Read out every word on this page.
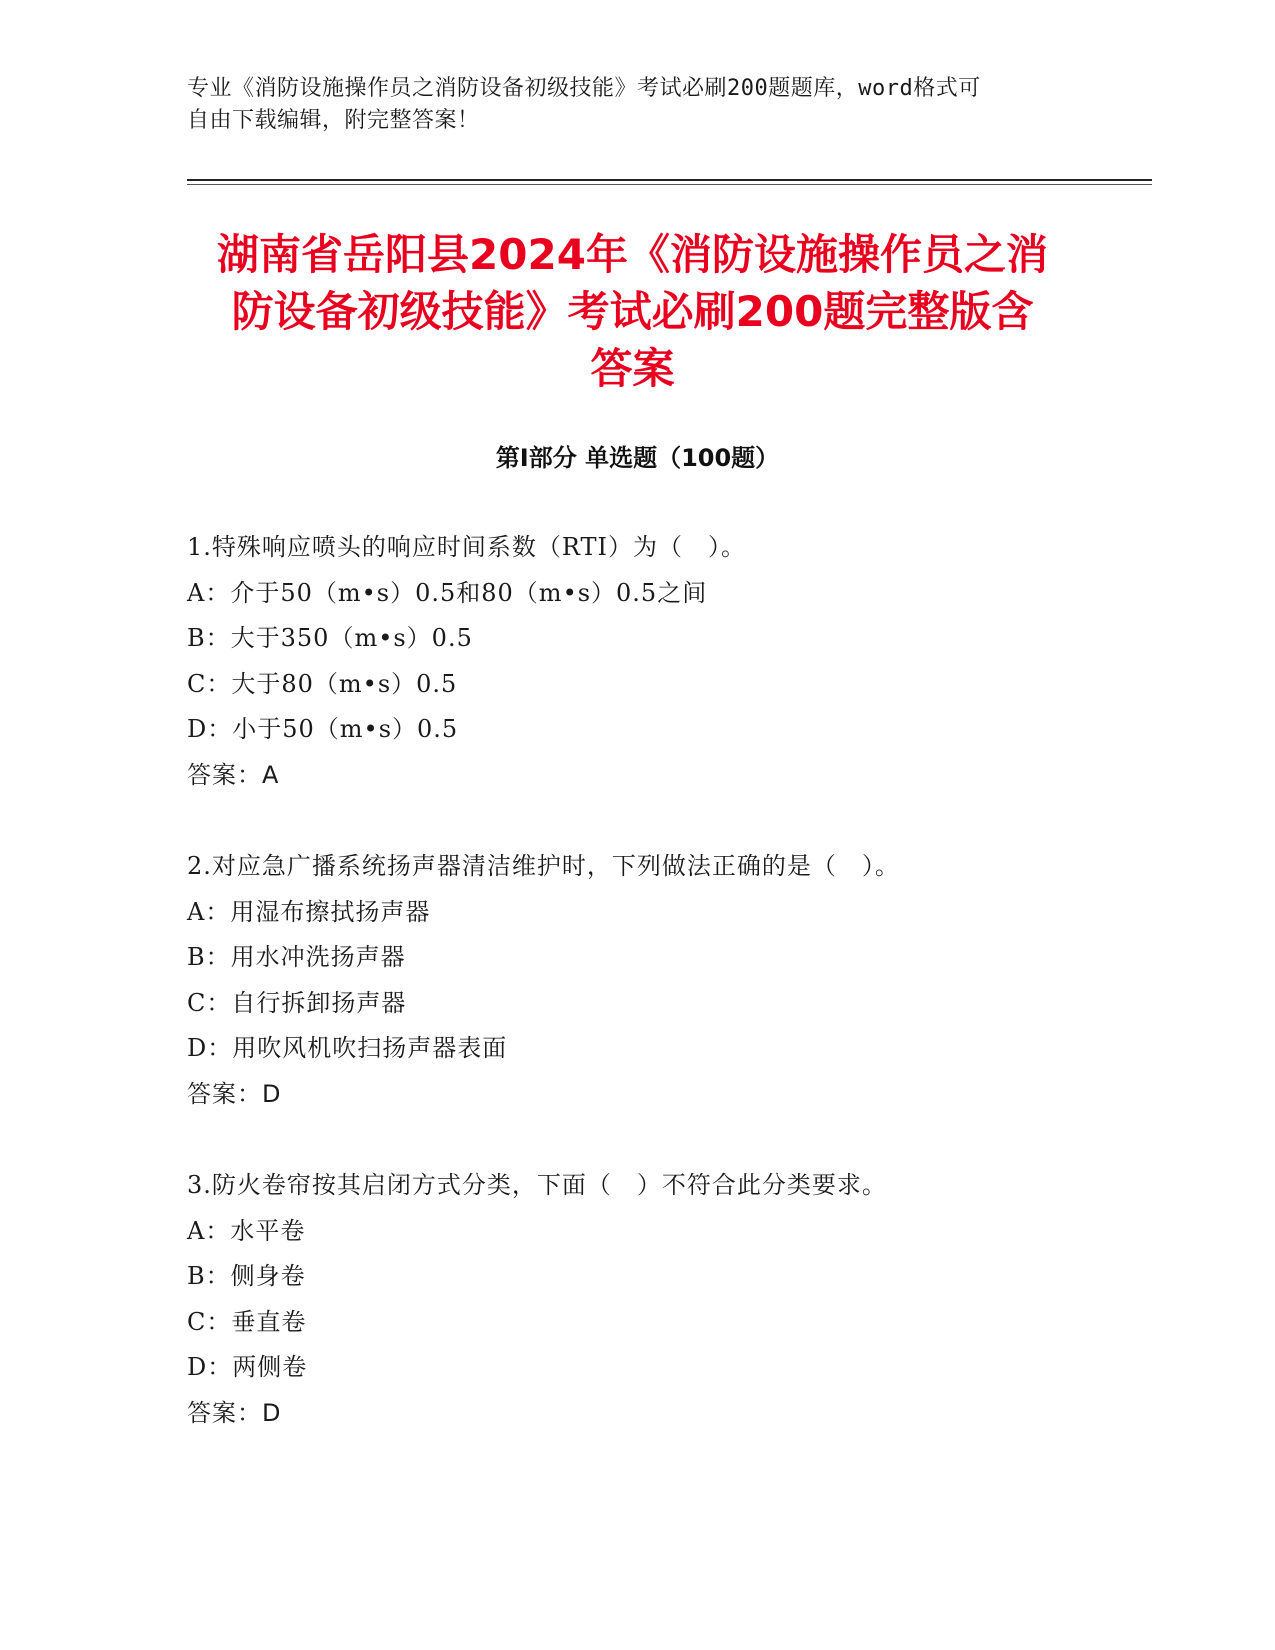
专业《消防设施操作员之消防设备初级技能》考试必刷200题题库，word格式可
自由下载编辑，附完整答案！
湖南省岳阳县2024年《消防设施操作员之消
防设备初级技能》考试必刷200题完整版含
答案
第Ⅰ部分 单选题（100题）
1.特殊响应喷头的响应时间系数（RTI）为（　）。
A：介于50（m•s）0.5和80（m•s）0.5之间
B：大于350（m•s）0.5
C：大于80（m•s）0.5
D：小于50（m•s）0.5
答案：A
2.对应急广播系统扬声器清洁维护时，下列做法正确的是（　）。
A：用湿布擦拭扬声器
B：用水冲洗扬声器
C：自行拆卸扬声器
D：用吹风机吹扫扬声器表面
答案：D
3.防火卷帘按其启闭方式分类，下面（　）不符合此分类要求。
A：水平卷
B：侧身卷
C：垂直卷
D：两侧卷
答案：D
